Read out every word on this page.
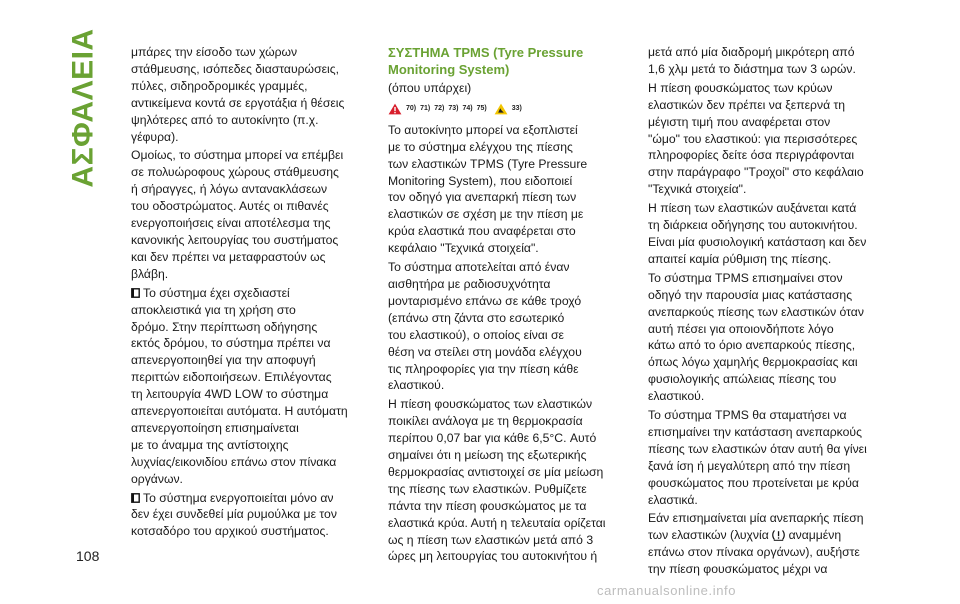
ΑΣΦΑΛΕΙΑ
108

μπάρες την είσοδο των χώρων
στάθμευσης, ισόπεδες διασταυρώσεις,
πύλες, σιδηροδρομικές γραμμές,
αντικείμενα κοντά σε εργοτάξια ή θέσεις
ψηλότερες από το αυτοκίνητο (π.χ.
γέφυρα).

Ομοίως, το σύστημα μπορεί να επέμβει
σε πολυώροφους χώρους στάθμευσης
ή σήραγγες, ή λόγω αντανακλάσεων
του οδοστρώματος. Αυτές οι πιθανές
ενεργοποιήσεις είναι αποτέλεσμα της
κανονικής λειτουργίας του συστήματος
και δεν πρέπει να μεταφραστούν ως
βλάβη.

Το σύστημα έχει σχεδιαστεί
αποκλειστικά για τη χρήση στο
δρόμο. Στην περίπτωση οδήγησης
εκτός δρόμου, το σύστημα πρέπει να
απενεργοποιηθεί για την αποφυγή
περιττών ειδοποιήσεων. Επιλέγοντας
τη λειτουργία 4WD LOW το σύστημα
απενεργοποιείται αυτόματα. Η αυτόματη
απενεργοποίηση επισημαίνεται
με το άναμμα της αντίστοιχης
λυχνίας/εικονιδίου επάνω στον πίνακα
οργάνων.

Το σύστημα ενεργοποιείται μόνο αν
δεν έχει συνδεθεί μία ρυμούλκα με τον
κοτσαδόρο του αρχικού συστήματος.

ΣΥΣΤΗΜΑ TPMS (Tyre Pressure
Monitoring System)
(όπου υπάρχει)
70) 71) 72) 73) 74) 75)	33)

Το αυτοκίνητο μπορεί να εξοπλιστεί
με το σύστημα ελέγχου της πίεσης
των ελαστικών TPMS (Tyre Pressure
Monitoring System), που ειδοποιεί
τον οδηγό για ανεπαρκή πίεση των
ελαστικών σε σχέση με την πίεση με
κρύα ελαστικά που αναφέρεται στο
κεφάλαιο "Τεχνικά στοιχεία".

Το σύστημα αποτελείται από έναν
αισθητήρα με ραδιοσυχνότητα
μονταρισμένο επάνω σε κάθε τροχό
(επάνω στη ζάντα στο εσωτερικό
του ελαστικού), ο οποίος είναι σε
θέση να στείλει στη μονάδα ελέγχου
τις πληροφορίες για την πίεση κάθε
ελαστικού.

Η πίεση φουσκώματος των ελαστικών
ποικίλει ανάλογα με τη θερμοκρασία
περίπου 0,07 bar για κάθε 6,5°C. Αυτό
σημαίνει ότι η μείωση της εξωτερικής
θερμοκρασίας αντιστοιχεί σε μία μείωση
της πίεσης των ελαστικών. Ρυθμίζετε
πάντα την πίεση φουσκώματος με τα
ελαστικά κρύα. Αυτή η τελευταία ορίζεται
ως η πίεση των ελαστικών μετά από 3
ώρες μη λειτουργίας του αυτοκινήτου ή

μετά από μία διαδρομή μικρότερη από
1,6 χλμ μετά το διάστημα των 3 ωρών.

Η πίεση φουσκώματος των κρύων
ελαστικών δεν πρέπει να ξεπερνά τη
μέγιστη τιμή που αναφέρεται στον
"ώμο" του ελαστικού: για περισσότερες
πληροφορίες δείτε όσα περιγράφονται
στην παράγραφο "Τροχοί" στο κεφάλαιο
"Τεχνικά στοιχεία".

Η πίεση των ελαστικών αυξάνεται κατά
τη διάρκεια οδήγησης του αυτοκινήτου.
Είναι μία φυσιολογική κατάσταση και δεν
απαιτεί καμία ρύθμιση της πίεσης.

Το σύστημα TPMS επισημαίνει στον
οδηγό την παρουσία μιας κατάστασης
ανεπαρκούς πίεσης των ελαστικών όταν
αυτή πέσει για οποιονδήποτε λόγο
κάτω από το όριο ανεπαρκούς πίεσης,
όπως λόγω χαμηλής θερμοκρασίας και
φυσιολογικής απώλειας πίεσης του
ελαστικού.

Το σύστημα TPMS θα σταματήσει να
επισημαίνει την κατάσταση ανεπαρκούς
πίεσης των ελαστικών όταν αυτή θα γίνει
ξανά ίση ή μεγαλύτερη από την πίεση
φουσκώματος που προτείνεται με κρύα
ελαστικά.

Εάν επισημαίνεται μία ανεπαρκής πίεση
των ελαστικών (λυχνία αναμμένη
επάνω στον πίνακα οργάνων), αυξήστε
την πίεση φουσκώματος μέχρι να

carmanualsonline.info
